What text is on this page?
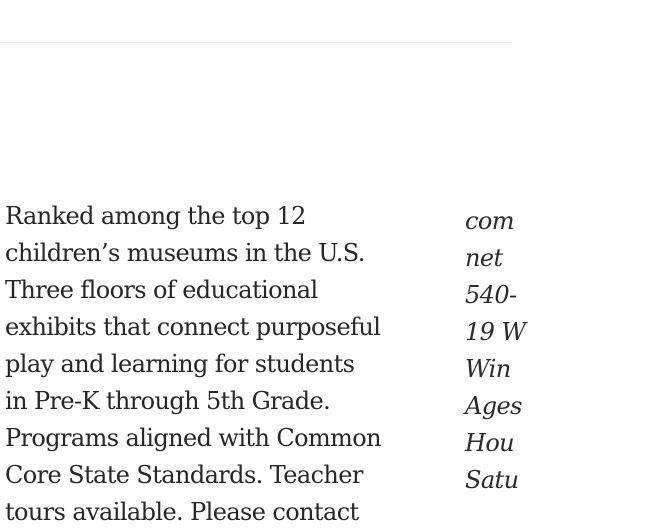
Ranked among the top 12
children’s museums in the U.S.
Three floors of educational
exhibits that connect purposeful
play and learning for students
in Pre-K through 5th Grade.
Programs aligned with Common
Core State Standards. Teacher
tours available. Please contact
com
net
540-
19 W
Win
Ages
Hou
Satu
